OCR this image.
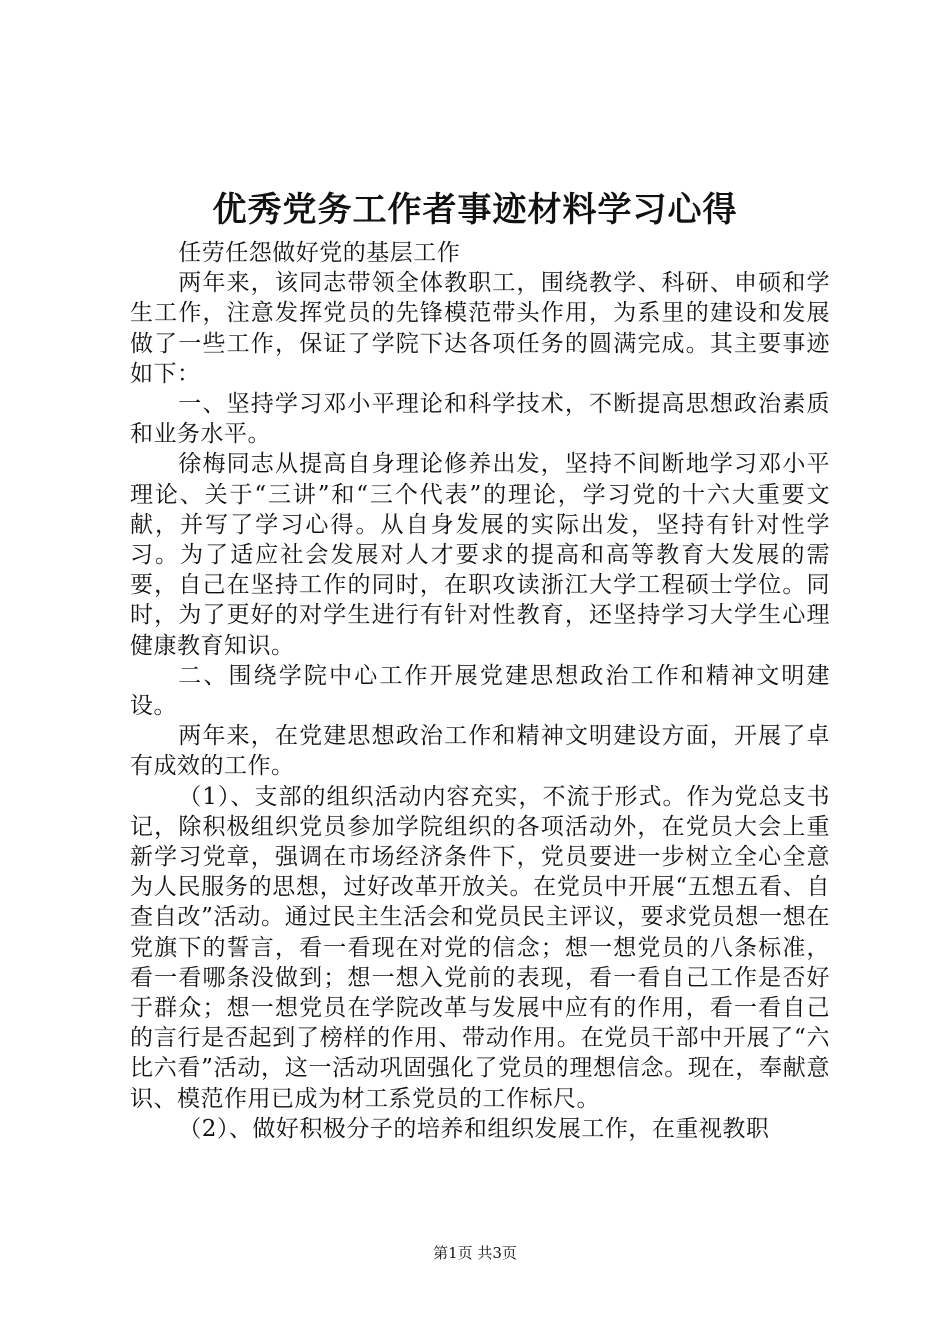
优秀党务工作者事迹材料学习心得

任劳任怨做好党的基层工作

两年来，该同志带领全体教职工，围绕教学、科研、申硕和学生工作，注意发挥党员的先锋模范带头作用，为系里的建设和发展做了一些工作，保证了学院下达各项任务的圆满完成。其主要事迹如下：

一、坚持学习邓小平理论和科学技术，不断提高思想政治素质和业务水平。

徐梅同志从提高自身理论修养出发，坚持不间断地学习邓小平理论、关于“三讲”和“三个代表”的理论，学习党的十六大重要文献，并写了学习心得。从自身发展的实际出发，坚持有针对性学习。为了适应社会发展对人才要求的提高和高等教育大发展的需要，自己在坚持工作的同时，在职攻读浙江大学工程硕士学位。同时，为了更好的对学生进行有针对性教育，还坚持学习大学生心理健康教育知识。

二、围绕学院中心工作开展党建思想政治工作和精神文明建设。

两年来，在党建思想政治工作和精神文明建设方面，开展了卓有成效的工作。

（1）、支部的组织活动内容充实，不流于形式。作为党总支书记，除积极组织党员参加学院组织的各项活动外，在党员大会上重新学习党章，强调在市场经济条件下，党员要进一步树立全心全意为人民服务的思想，过好改革开放关。在党员中开展“五想五看、自查自改”活动。通过民主生活会和党员民主评议，要求党员想一想在党旗下的誓言，看一看现在对党的信念；想一想党员的八条标准，看一看哪条没做到；想一想入党前的表现，看一看自己工作是否好于群众；想一想党员在学院改革与发展中应有的作用，看一看自己的言行是否起到了榜样的作用、带动作用。在党员干部中开展了“六比六看”活动，这一活动巩固强化了党员的理想信念。现在，奉献意识、模范作用已成为材工系党员的工作标尺。

（2）、做好积极分子的培养和组织发展工作，在重视教职

第1页 共3页
